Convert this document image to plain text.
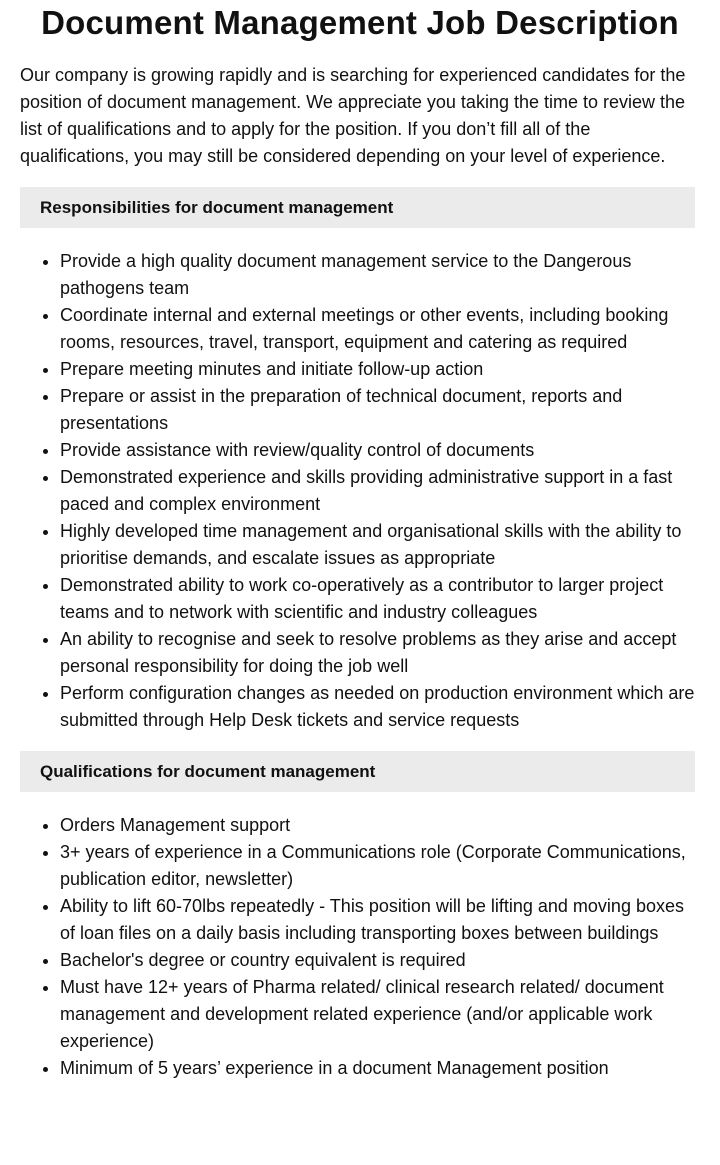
Document Management Job Description

Our company is growing rapidly and is searching for experienced candidates for the position of document management. We appreciate you taking the time to review the list of qualifications and to apply for the position. If you don’t fill all of the qualifications, you may still be considered depending on your level of experience.

Responsibilities for document management
• Provide a high quality document management service to the Dangerous pathogens team
• Coordinate internal and external meetings or other events, including booking rooms, resources, travel, transport, equipment and catering as required
• Prepare meeting minutes and initiate follow-up action
• Prepare or assist in the preparation of technical document, reports and presentations
• Provide assistance with review/quality control of documents
• Demonstrated experience and skills providing administrative support in a fast paced and complex environment
• Highly developed time management and organisational skills with the ability to prioritise demands, and escalate issues as appropriate
• Demonstrated ability to work co-operatively as a contributor to larger project teams and to network with scientific and industry colleagues
• An ability to recognise and seek to resolve problems as they arise and accept personal responsibility for doing the job well
• Perform configuration changes as needed on production environment which are submitted through Help Desk tickets and service requests
Qualifications for document management
• Orders Management support
• 3+ years of experience in a Communications role (Corporate Communications, publication editor, newsletter)
• Ability to lift 60-70lbs repeatedly - This position will be lifting and moving boxes of loan files on a daily basis including transporting boxes between buildings
• Bachelor's degree or country equivalent is required
• Must have 12+ years of Pharma related/ clinical research related/ document management and development related experience (and/or applicable work experience)
• Minimum of 5 years’ experience in a document Management position
